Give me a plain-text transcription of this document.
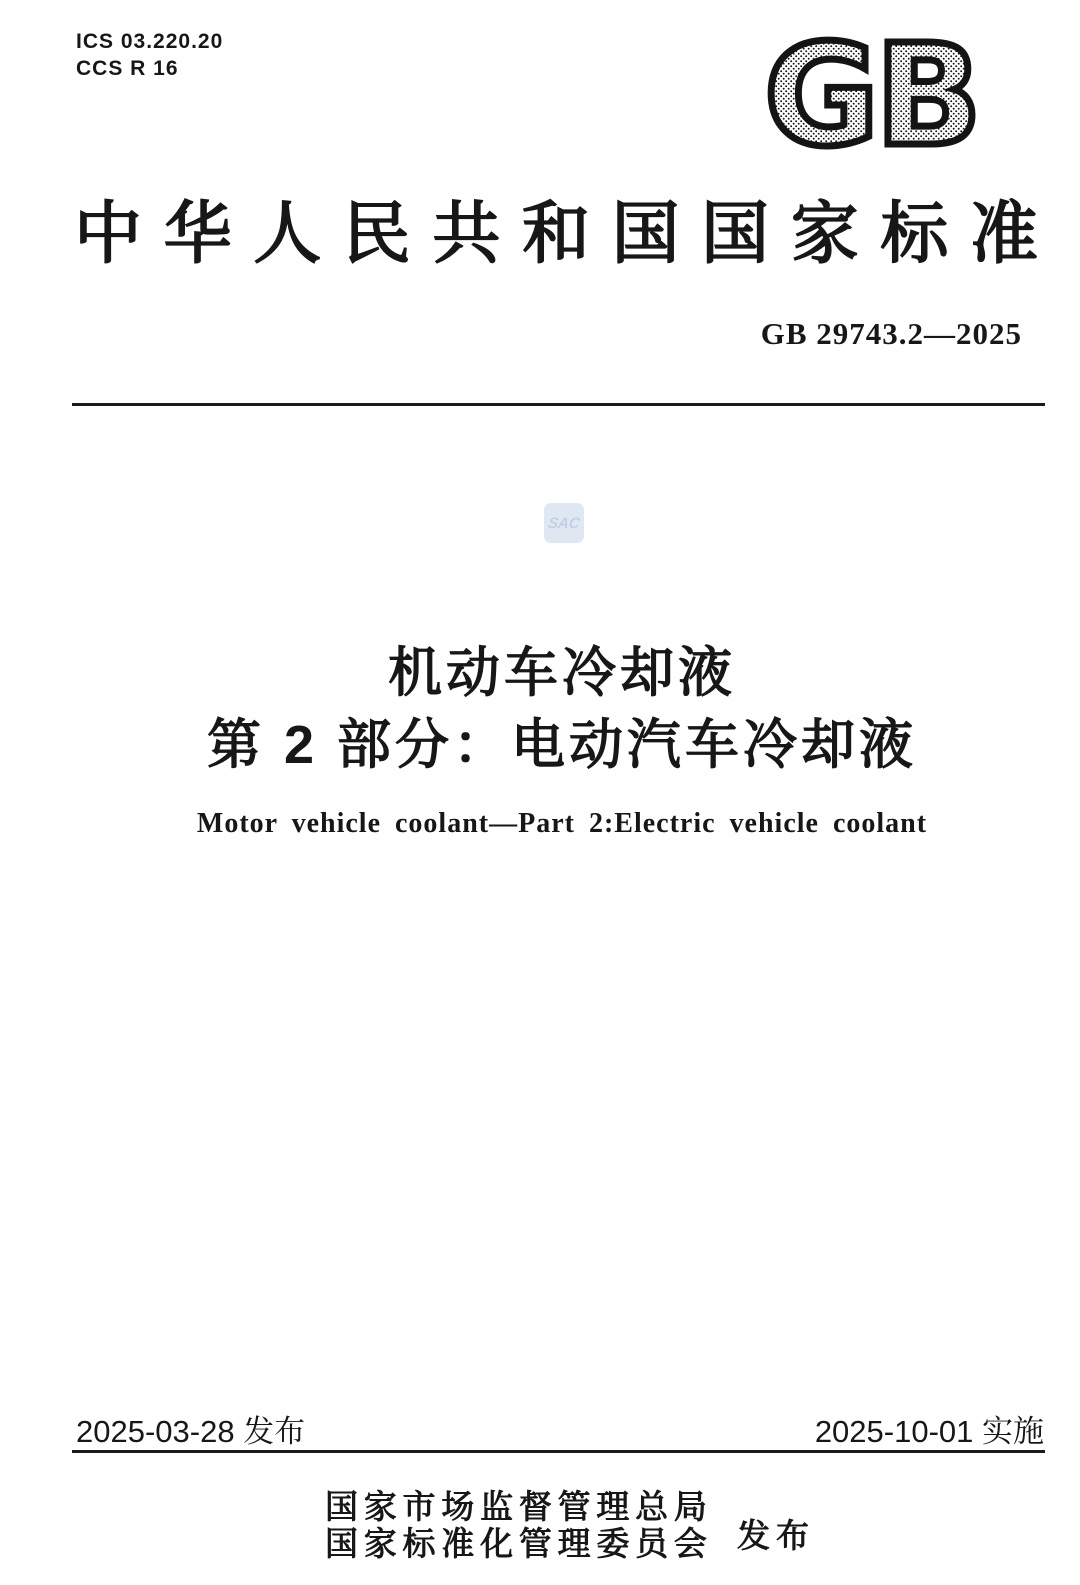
ICS 03.220.20
CCS R 16	GB
中 华 人 民 共 和 国 国 家 标 准
GB 29743.2—2025
SAC
机动车冷却液
第 2 部分：电动汽车冷却液
Motor vehicle coolant—Part 2:Electric vehicle coolant
2025-03-28 发布	2025-10-01 实施
国 家 市 场 监 督 管 理 总 局
国 家 标 准 化 管 理 委 员 会 发 布
